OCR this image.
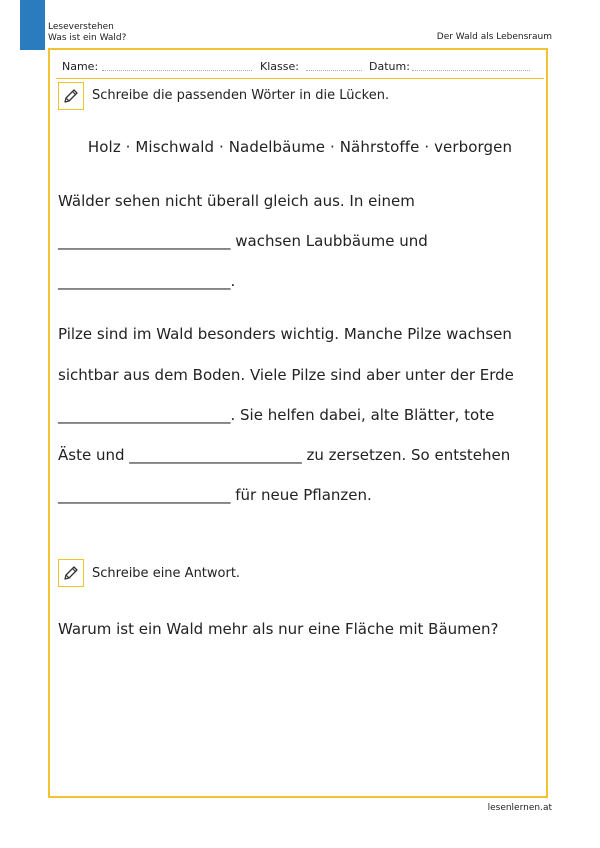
Leseverstehen
Was ist ein Wald?	Der Wald als Lebensraum
Name:	Klasse:	Datum:
Schreibe die passenden Wörter in die Lücken.
Holz · Mischwald · Nadelbäume · Nährstoffe · verborgen
Wälder sehen nicht überall gleich aus. In einem
_______________________ wachsen Laubbäume und
_______________________.
Pilze sind im Wald besonders wichtig. Manche Pilze wachsen
sichtbar aus dem Boden. Viele Pilze sind aber unter der Erde
_______________________. Sie helfen dabei, alte Blätter, tote
Äste und _______________________ zu zersetzen. So entstehen
_______________________ für neue Pflanzen.
Schreibe eine Antwort.
Warum ist ein Wald mehr als nur eine Fläche mit Bäumen?
lesenlernen.at
